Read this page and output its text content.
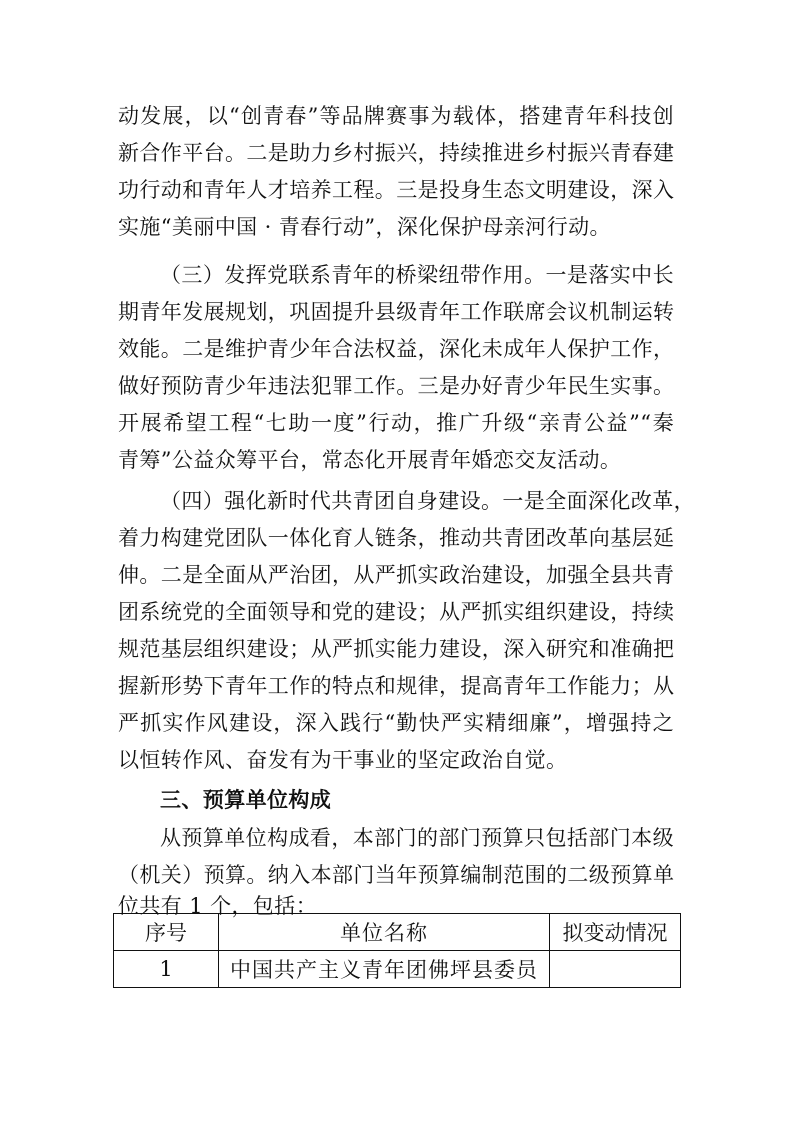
动发展，以“创青春”等品牌赛事为载体，搭建青年科技创
新合作平台。二是助力乡村振兴，持续推进乡村振兴青春建
功行动和青年人才培养工程。三是投身生态文明建设，深入
实施“美丽中国 · 青春行动”，深化保护母亲河行动。
（三）发挥党联系青年的桥梁纽带作用。一是落实中长
期青年发展规划，巩固提升县级青年工作联席会议机制运转
效能。二是维护青少年合法权益，深化未成年人保护工作，
做好预防青少年违法犯罪工作。三是办好青少年民生实事。
开展希望工程“七助一度”行动，推广升级“亲青公益”“秦
青筹”公益众筹平台，常态化开展青年婚恋交友活动。
（四）强化新时代共青团自身建设。一是全面深化改革，
着力构建党团队一体化育人链条，推动共青团改革向基层延
伸。二是全面从严治团，从严抓实政治建设，加强全县共青
团系统党的全面领导和党的建设；从严抓实组织建设，持续
规范基层组织建设；从严抓实能力建设，深入研究和准确把
握新形势下青年工作的特点和规律，提高青年工作能力；从
严抓实作风建设，深入践行“勤快严实精细廉”，增强持之
以恒转作风、奋发有为干事业的坚定政治自觉。
三、预算单位构成
从预算单位构成看，本部门的部门预算只包括部门本级
（机关）预算。纳入本部门当年预算编制范围的二级预算单
位共有 1 个，包括：
序号	单位名称	拟变动情况
1	中国共产主义青年团佛坪县委员	
